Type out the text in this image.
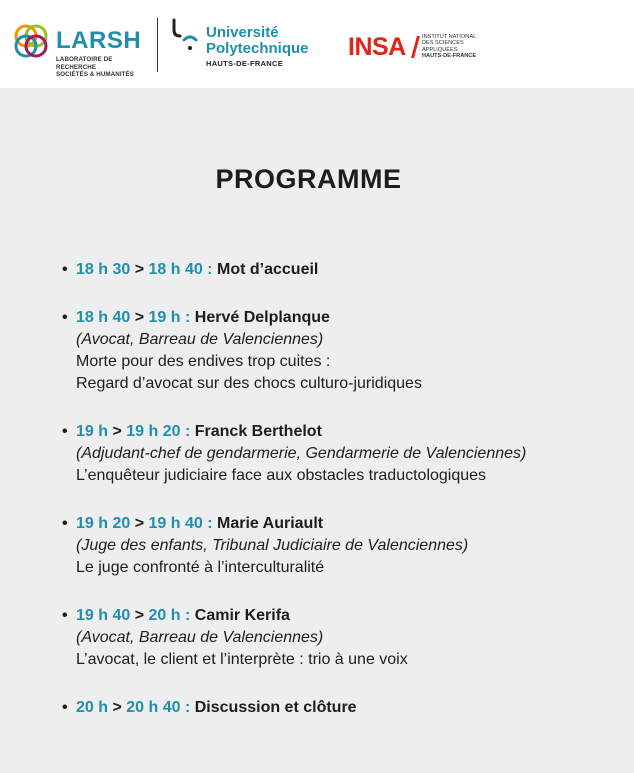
LARSH
LABORATOIRE DE RECHERCHE
SOCIÉTÉS & HUMANITÉS
Université
Polytechnique
HAUTS-DE-FRANCE
INSA	INSTITUT NATIONAL
DES SCIENCES
APPLIQUÉES
HAUTS-DE-FRANCE
PROGRAMME
• 18 h 30 > 18 h 40 : Mot d’accueil
• 18 h 40 > 19 h : Hervé Delplanque
(Avocat, Barreau de Valenciennes)
Morte pour des endives trop cuites :
Regard d’avocat sur des chocs culturo-juridiques
• 19 h > 19 h 20 : Franck Berthelot
(Adjudant-chef de gendarmerie, Gendarmerie de Valenciennes)
L’enquêteur judiciaire face aux obstacles traductologiques
• 19 h 20 > 19 h 40 : Marie Auriault
(Juge des enfants, Tribunal Judiciaire de Valenciennes)
Le juge confronté à l’interculturalité
• 19 h 40 > 20 h : Camir Kerifa
(Avocat, Barreau de Valenciennes)
L’avocat, le client et l’interprète : trio à une voix
• 20 h > 20 h 40 : Discussion et clôture
